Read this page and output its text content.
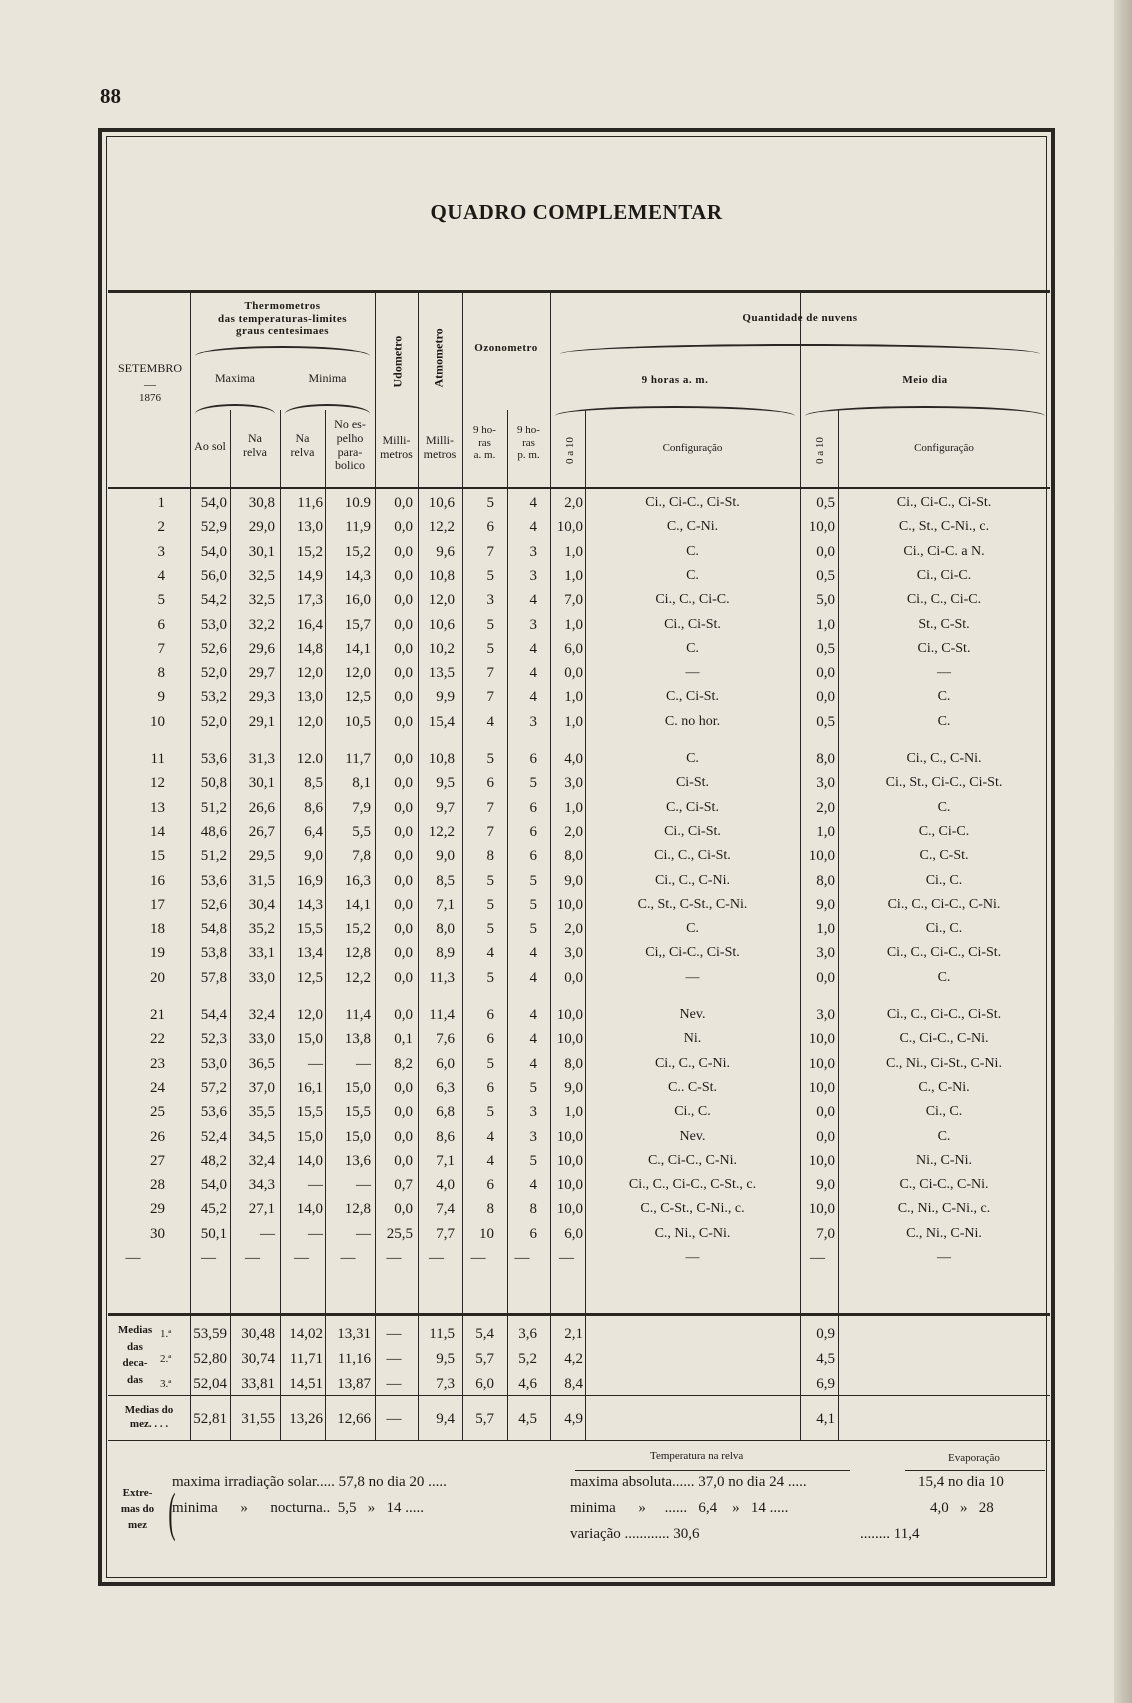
88
QUADRO COMPLEMENTAR
SETEMBRO
—
1876
Thermometros
das temperaturas-limites
graus centesimaes
Maxima	Minima
Ao sol
Na
relva
Na
relva
No es-
pelho
para-
bolico
Udometro
Milli-
metros
Atmometro
Milli-
metros
Ozonometro
9 ho-
ras
a. m.
9 ho-
ras
p. m.
Quantidade de nuvens
9 horas a. m.	Meio dia
0 a 10	Configuração	0 a 10	Configuração
1	54,0	30,8	11,6	10.9	0,0	10,6	5	4	2,0	Ci., Ci-C., Ci-St.	0,5	Ci., Ci-C., Ci-St.
2	52,9	29,0	13,0	11,9	0,0	12,2	6	4	10,0	C., C-Ni.	10,0	C., St., C-Ni., c.
3	54,0	30,1	15,2	15,2	0,0	9,6	7	3	1,0	C.	0,0	Ci., Ci-C. a N.
4	56,0	32,5	14,9	14,3	0,0	10,8	5	3	1,0	C.	0,5	Ci., Ci-C.
5	54,2	32,5	17,3	16,0	0,0	12,0	3	4	7,0	Ci., C., Ci-C.	5,0	Ci., C., Ci-C.
6	53,0	32,2	16,4	15,7	0,0	10,6	5	3	1,0	Ci., Ci-St.	1,0	St., C-St.
7	52,6	29,6	14,8	14,1	0,0	10,2	5	4	6,0	C.	0,5	Ci., C-St.
8	52,0	29,7	12,0	12,0	0,0	13,5	7	4	0,0	—	0,0	—
9	53,2	29,3	13,0	12,5	0,0	9,9	7	4	1,0	C., Ci-St.	0,0	C.
10	52,0	29,1	12,0	10,5	0,0	15,4	4	3	1,0	C. no hor.	0,5	C.
11	53,6	31,3	12.0	11,7	0,0	10,8	5	6	4,0	C.	8,0	Ci., C., C-Ni.
12	50,8	30,1	8,5	8,1	0,0	9,5	6	5	3,0	Ci-St.	3,0	Ci., St., Ci-C., Ci-St.
13	51,2	26,6	8,6	7,9	0,0	9,7	7	6	1,0	C., Ci-St.	2,0	C.
14	48,6	26,7	6,4	5,5	0,0	12,2	7	6	2,0	Ci., Ci-St.	1,0	C., Ci-C.
15	51,2	29,5	9,0	7,8	0,0	9,0	8	6	8,0	Ci., C., Ci-St.	10,0	C., C-St.
16	53,6	31,5	16,9	16,3	0,0	8,5	5	5	9,0	Ci., C., C-Ni.	8,0	Ci., C.
17	52,6	30,4	14,3	14,1	0,0	7,1	5	5	10,0	C., St., C-St., C-Ni.	9,0	Ci., C., Ci-C., C-Ni.
18	54,8	35,2	15,5	15,2	0,0	8,0	5	5	2,0	C.	1,0	Ci., C.
19	53,8	33,1	13,4	12,8	0,0	8,9	4	4	3,0	Ci,, Ci-C., Ci-St.	3,0	Ci., C., Ci-C., Ci-St.
20	57,8	33,0	12,5	12,2	0,0	11,3	5	4	0,0	—	0,0	C.
21	54,4	32,4	12,0	11,4	0,0	11,4	6	4	10,0	Nev.	3,0	Ci., C., Ci-C., Ci-St.
22	52,3	33,0	15,0	13,8	0,1	7,6	6	4	10,0	Ni.	10,0	C., Ci-C., C-Ni.
23	53,0	36,5	—	—	8,2	6,0	5	4	8,0	Ci., C., C-Ni.	10,0	C., Ni., Ci-St., C-Ni.
24	57,2	37,0	16,1	15,0	0,0	6,3	6	5	9,0	C.. C-St.	10,0	C., C-Ni.
25	53,6	35,5	15,5	15,5	0,0	6,8	5	3	1,0	Ci., C.	0,0	Ci., C.
26	52,4	34,5	15,0	15,0	0,0	8,6	4	3	10,0	Nev.	0,0	C.
27	48,2	32,4	14,0	13,6	0,0	7,1	4	5	10,0	C., Ci-C., C-Ni.	10,0	Ni., C-Ni.
28	54,0	34,3	—	—	0,7	4,0	6	4	10,0	Ci., C., Ci-C., C-St., c.	9,0	C., Ci-C., C-Ni.
29	45,2	27,1	14,0	12,8	0,0	7,4	8	8	10,0	C., C-St., C-Ni., c.	10,0	C., Ni., C-Ni., c.
30	50,1	—	—	—	25,5	7,7	10	6	6,0	C., Ni., C-Ni.	7,0	C., Ni., C-Ni.
—	—	—	—	—	—	—	—	—	—	—	—	—
Medias
das
deca-
das
1.ª	53,59 30,48 14,02 13,31	—	11,5	5,4	3,6	2,1	0,9
2.ª	52,80 30,74 11,71 11,16	—	9,5	5,7	5,2	4,2	4,5
3.ª	52,04 33,81 14,51 13,87	—	7,3	6,0	4,6	8,4	6,9
Medias do
mez. . . .	52,81 31,55 13,26 12,66	—	9,4	5,7	4,5	4,9	4,1
Extre-
mas do
mez (
Temperatura na relva	Evaporação
maxima irradiação solar..... 57,8 no dia 20 .....	maxima absoluta...... 37,0 no dia 24 .....	15,4 no dia 10
minima      »      nocturna..  5,5   »   14 .....	minima      »     ......   6,4    »   14 .....	4,0   »   28
variação ............ 30,6	........ 11,4
